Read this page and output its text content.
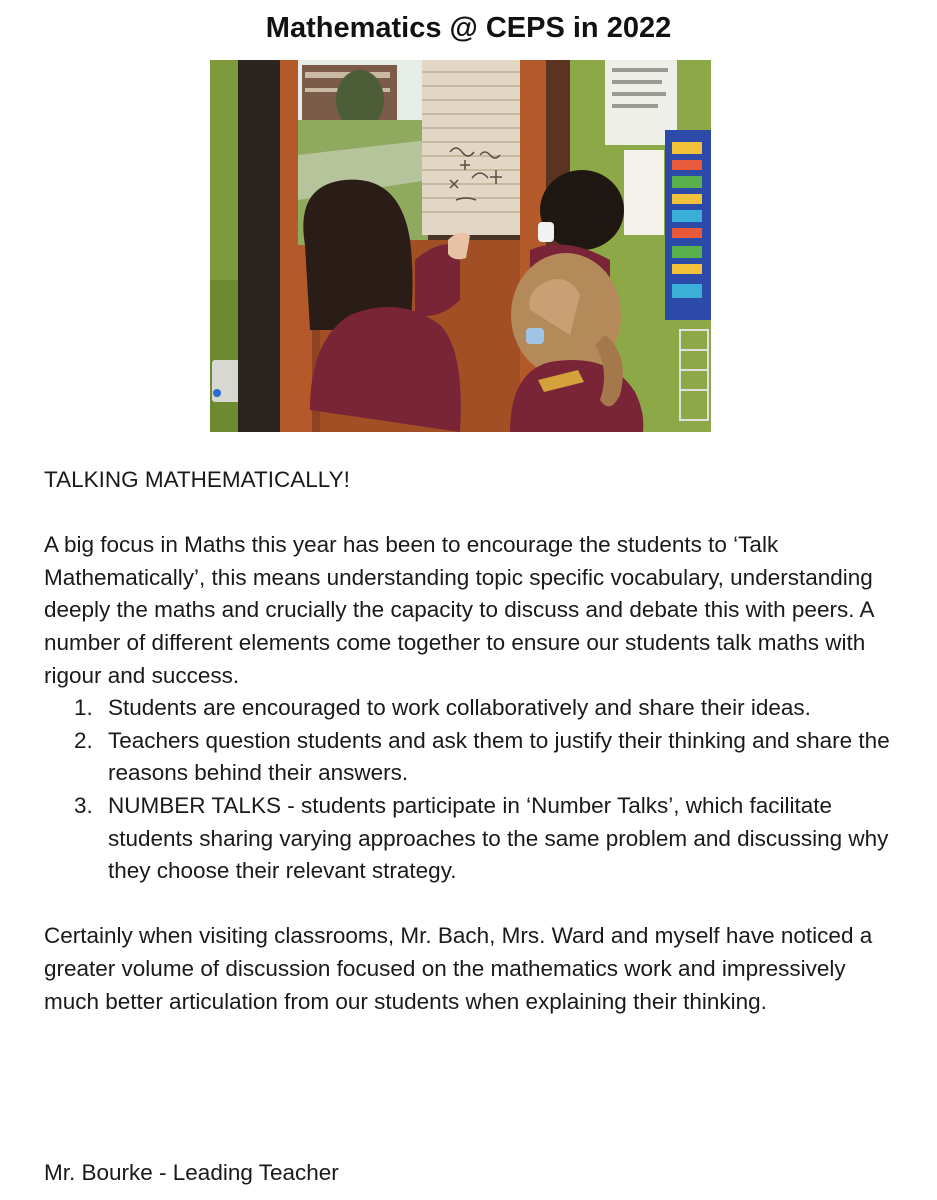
Mathematics @ CEPS in 2022

TALKING MATHEMATICALLY!

A big focus in Maths this year has been to encourage the students to ‘Talk Mathematically’, this means understanding topic specific vocabulary, understanding deeply the maths and crucially the capacity to discuss and debate this with peers. A number of different elements come together to ensure our students talk maths with rigour and success.

Students are encouraged to work collaboratively and share their ideas.
Teachers question students and ask them to justify their thinking and share the reasons behind their answers.
NUMBER TALKS - students participate in ‘Number Talks’, which facilitate students sharing varying approaches to the same problem and discussing why they choose their relevant strategy.

Certainly when visiting classrooms, Mr. Bach, Mrs. Ward and myself have noticed a greater volume of discussion focused on the mathematics work and impressively much better articulation from our students when explaining their thinking.

Mr. Bourke - Leading Teacher
